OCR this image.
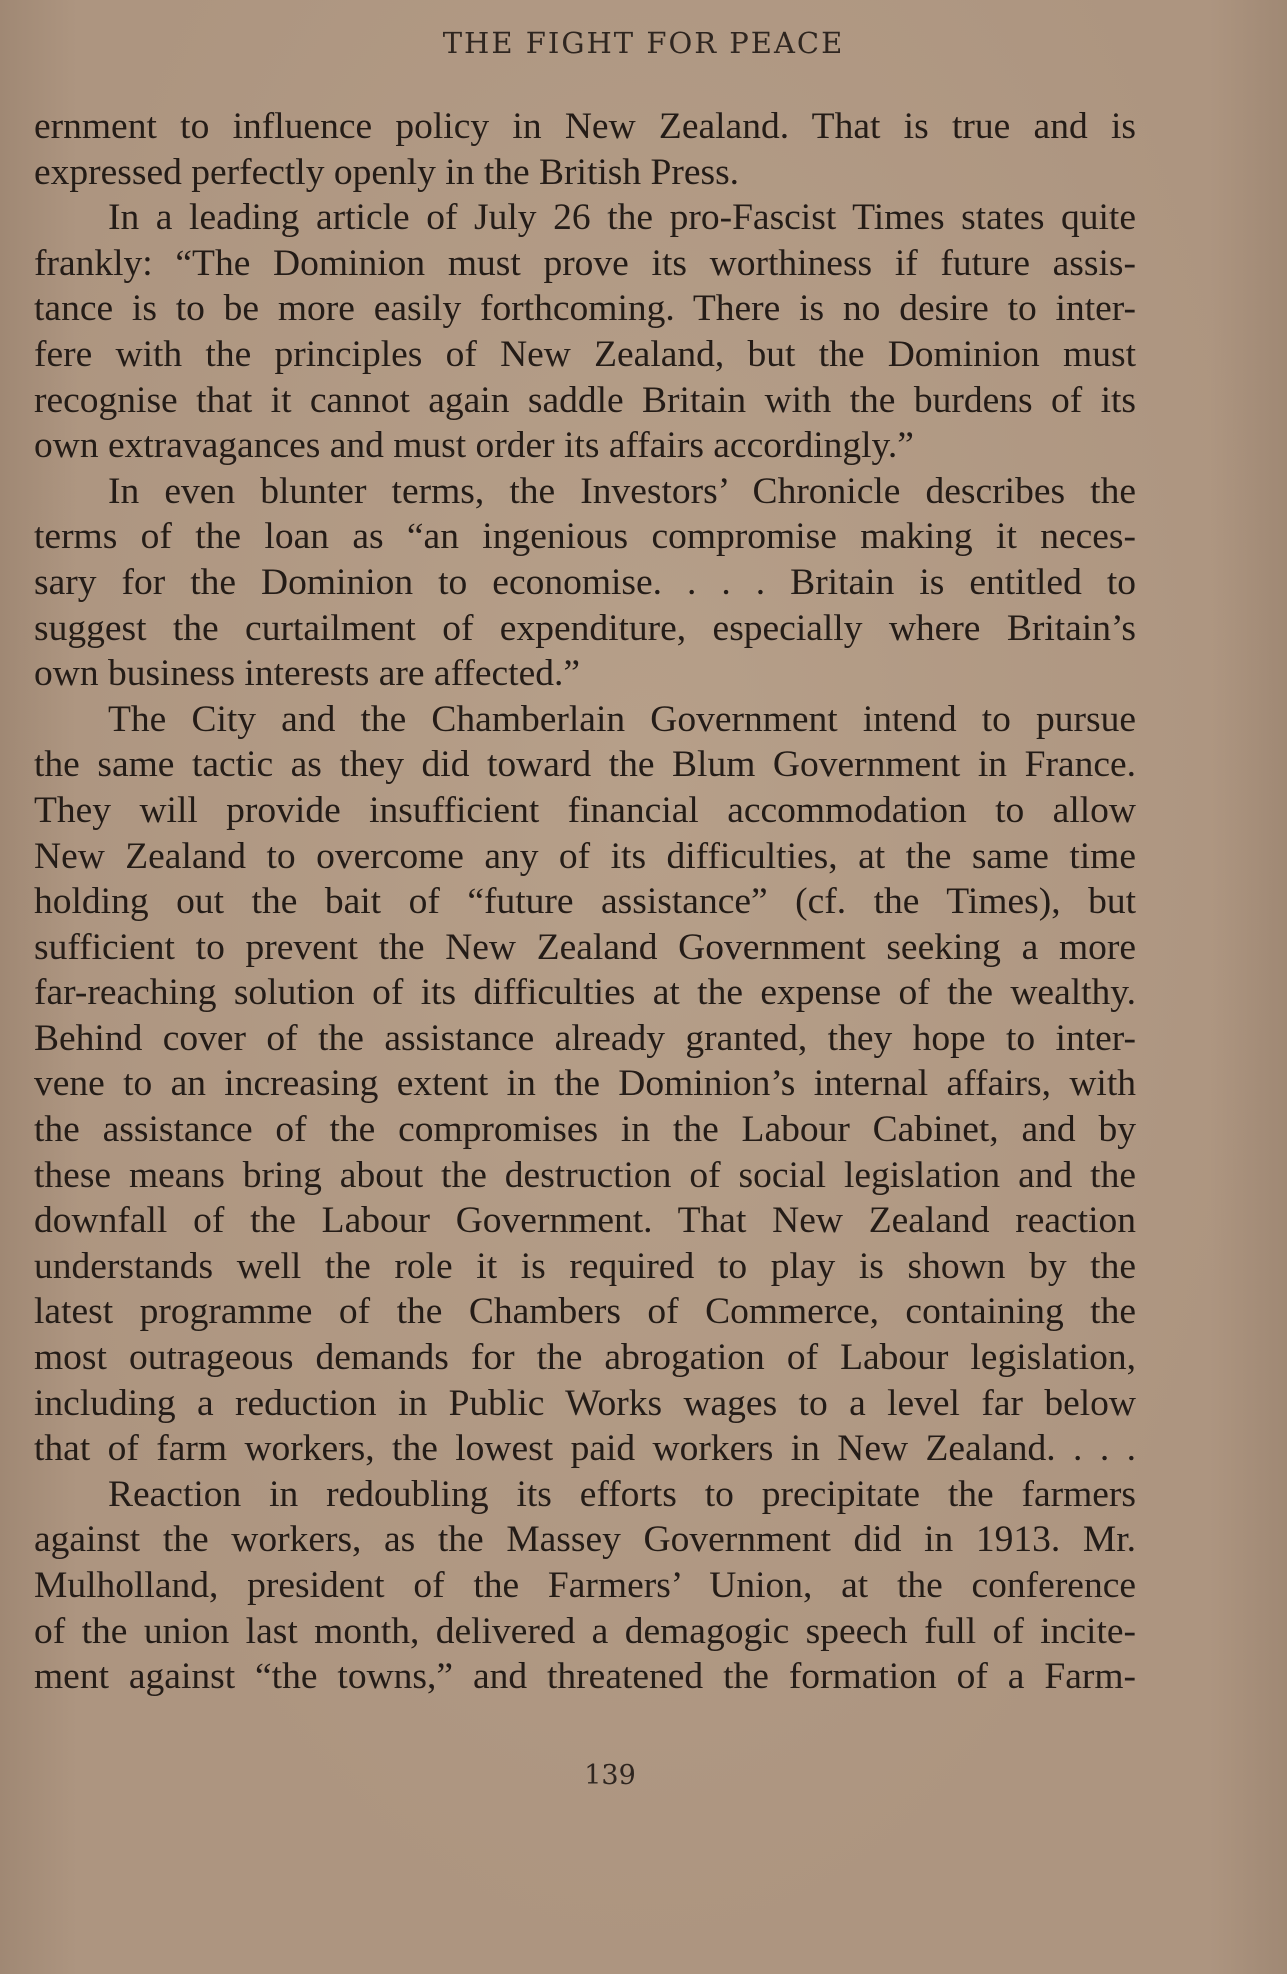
THE FIGHT FOR PEACE
ernment to influence policy in New Zealand. That is true and is
expressed perfectly openly in the British Press.
In a leading article of July 26 the pro-Fascist Times states quite
frankly: “The Dominion must prove its worthiness if future assis-
tance is to be more easily forthcoming. There is no desire to inter-
fere with the principles of New Zealand, but the Dominion must
recognise that it cannot again saddle Britain with the burdens of its
own extravagances and must order its affairs accordingly.”
In even blunter terms, the Investors’ Chronicle describes the
terms of the loan as “an ingenious compromise making it neces-
sary for the Dominion to economise. . . . Britain is entitled to
suggest the curtailment of expenditure, especially where Britain’s
own business interests are affected.”
The City and the Chamberlain Government intend to pursue
the same tactic as they did toward the Blum Government in France.
They will provide insufficient financial accommodation to allow
New Zealand to overcome any of its difficulties, at the same time
holding out the bait of “future assistance” (cf. the Times), but
sufficient to prevent the New Zealand Government seeking a more
far-reaching solution of its difficulties at the expense of the wealthy.
Behind cover of the assistance already granted, they hope to inter-
vene to an increasing extent in the Dominion’s internal affairs, with
the assistance of the compromises in the Labour Cabinet, and by
these means bring about the destruction of social legislation and the
downfall of the Labour Government. That New Zealand reaction
understands well the role it is required to play is shown by the
latest programme of the Chambers of Commerce, containing the
most outrageous demands for the abrogation of Labour legislation,
including a reduction in Public Works wages to a level far below
that of farm workers, the lowest paid workers in New Zealand. . . .
Reaction in redoubling its efforts to precipitate the farmers
against the workers, as the Massey Government did in 1913. Mr.
Mulholland, president of the Farmers’ Union, at the conference
of the union last month, delivered a demagogic speech full of incite-
ment against “the towns,” and threatened the formation of a Farm-
139
